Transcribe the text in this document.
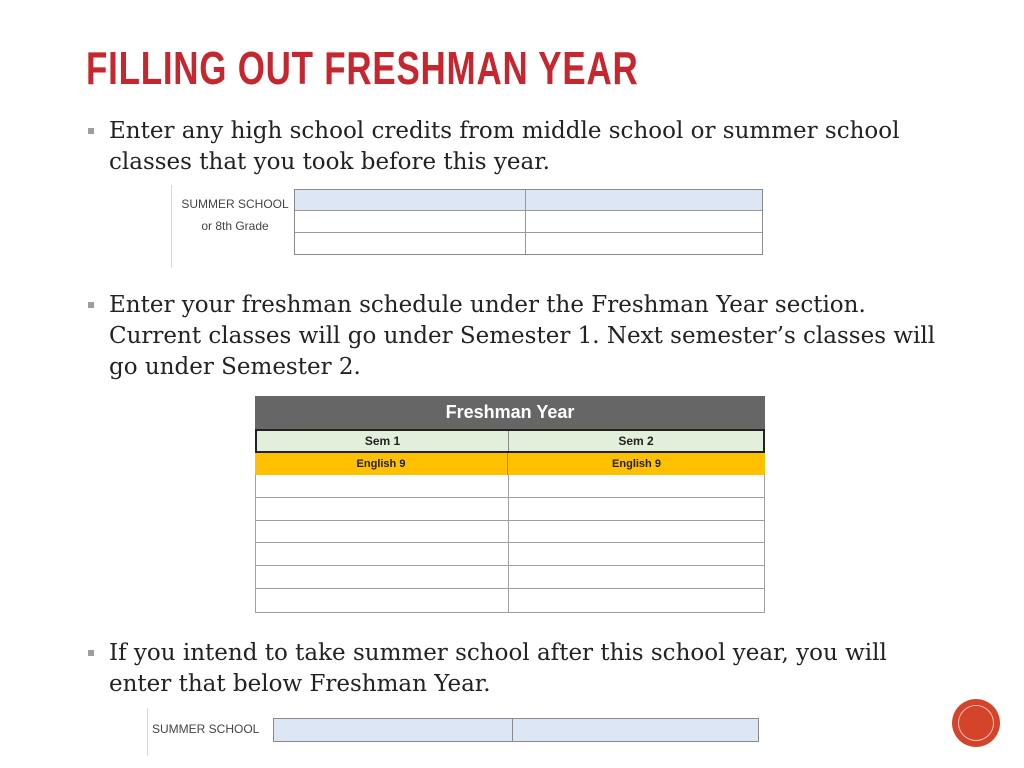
FILLING OUT FRESHMAN YEAR
Enter any high school credits from middle school or summer school classes that you took before this year.
SUMMER SCHOOL
or 8th Grade
Enter your freshman schedule under the Freshman Year section. Current classes will go under Semester 1. Next semester’s classes will go under Semester 2.
Freshman Year
Sem 1	Sem 2
English 9	English 9
If you intend to take summer school after this school year, you will enter that below Freshman Year.
SUMMER SCHOOL
